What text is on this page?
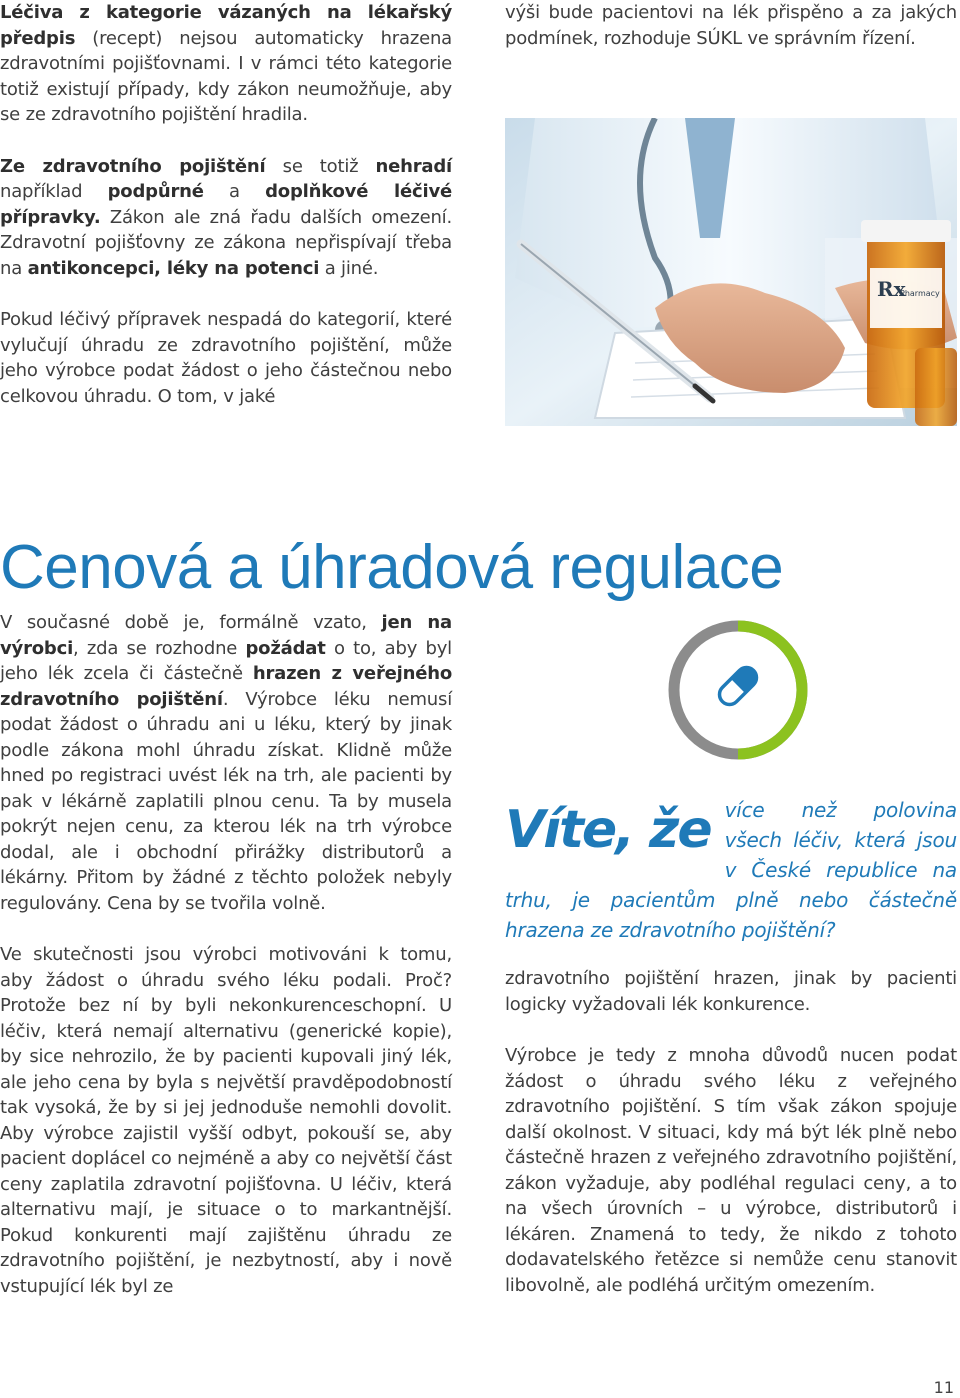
Léčiva z kategorie vázaných na lékařský předpis (recept) nejsou automaticky hrazena zdravotními pojišťovnami. I v rámci této kategorie totiž existují případy, kdy zákon neumožňuje, aby se ze zdravotního pojištění hradila.

Ze zdravotního pojištění se totiž nehradí například podpůrné a doplňkové léčivé přípravky. Zákon ale zná řadu dalších omezení. Zdravotní pojišťovny ze zákona nepřispívají třeba na antikoncepci, léky na potenci a jiné.

Pokud léčivý přípravek nespadá do kategorií, které vylučují úhradu ze zdravotního pojištění, může jeho výrobce podat žádost o jeho částečnou nebo celkovou úhradu. O tom, v jaké

výši bude pacientovi na lék přispěno a za jakých podmínek, rozhoduje SÚKL ve správním řízení.

Rx
Pharmacy
Cenová a úhradová regulace

V současné době je, formálně vzato, jen na výrobci, zda se rozhodne požádat o to, aby byl jeho lék zcela či částečně hrazen z veřejného zdravotního pojištění. Výrobce léku nemusí podat žádost o úhradu ani u léku, který by jinak podle zákona mohl úhradu získat. Klidně může hned po registraci uvést lék na trh, ale pacienti by pak v lékárně zaplatili plnou cenu. Ta by musela pokrýt nejen cenu, za kterou lék na trh výrobce dodal, ale i obchodní přirážky distributorů a lékárny. Přitom by žádné z těchto položek nebyly regulovány. Cena by se tvořila volně.

Ve skutečnosti jsou výrobci motivováni k tomu, aby žádost o úhradu svého léku podali. Proč? Protože bez ní by byli nekonkurenceschopní. U léčiv, která nemají alternativu (generické kopie), by sice nehrozilo, že by pacienti kupovali jiný lék, ale jeho cena by byla s největší pravděpodobností tak vysoká, že by si jej jednoduše nemohli dovolit. Aby výrobce zajistil vyšší odbyt, pokouší se, aby pacient doplácel co nejméně a aby co největší část ceny zaplatila zdravotní pojišťovna. U léčiv, která alternativu mají, je situace o to markantnější. Pokud konkurenti mají zajištěnu úhradu ze zdravotního pojištění, je nezbytností, aby i nově vstupující lék byl ze

Víte, že více než polovina všech léčiv, která jsou v České republice na trhu, je pacientům plně nebo částečně hrazena ze zdravotního pojištění?

zdravotního pojištění hrazen, jinak by pacienti logicky vyžadovali lék konkurence.

Výrobce je tedy z mnoha důvodů nucen podat žádost o úhradu svého léku z veřejného zdravotního pojištění. S tím však zákon spojuje další okolnost. V situaci, kdy má být lék plně nebo částečně hrazen z veřejného zdravotního pojištění, zákon vyžaduje, aby podléhal regulaci ceny, a to na všech úrovních – u výrobce, distributorů i lékáren. Znamená to tedy, že nikdo z tohoto dodavatelského řetězce si nemůže cenu stanovit libovolně, ale podléhá určitým omezením.

11
